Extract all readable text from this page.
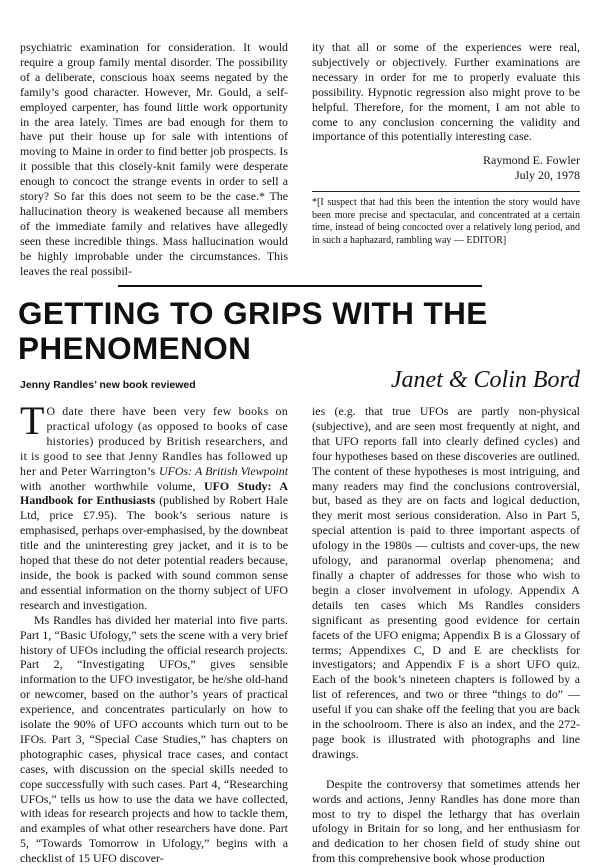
psychiatric examination for consideration. It would require a group family mental disorder. The possibility of a deliberate, conscious hoax seems negated by the family’s good character. However, Mr. Gould, a self-employed carpenter, has found little work opportunity in the area lately. Times are bad enough for them to have put their house up for sale with intentions of moving to Maine in order to find better job prospects. Is it possible that this closely-knit family were desperate enough to concoct the strange events in order to sell a story? So far this does not seem to be the case.* The hallucination theory is weakened because all members of the immediate family and relatives have allegedly seen these incredible things. Mass hallucination would be highly improbable under the circumstances. This leaves the real possibil-

ity that all or some of the experiences were real, subjectively or objectively. Further examinations are necessary in order for me to properly evaluate this possibility. Hypnotic regression also might prove to be helpful. Therefore, for the moment, I am not able to come to any conclusion concerning the validity and importance of this potentially interesting case.

Raymond E. Fowler
July 20, 1978
*[I suspect that had this been the intention the story would have been more precise and spectacular, and concentrated at a certain time, instead of being concocted over a relatively long period, and in such a haphazard, rambling way — EDITOR]
GETTING TO GRIPS WITH THE PHENOMENON
Jenny Randles’ new book reviewed	Janet & Colin Bord

T O date there have been very few books on practical ufology (as opposed to books of case histories) produced by British researchers, and it is good to see that Jenny Randles has followed up her and Peter Warrington’s UFOs: A British Viewpoint with another worthwhile volume, UFO Study: A Handbook for Enthusiasts (published by Robert Hale Ltd, price £7.95). The book’s serious nature is emphasised, perhaps over-emphasised, by the downbeat title and the uninteresting grey jacket, and it is to be hoped that these do not deter potential readers because, inside, the book is packed with sound common sense and essential information on the thorny subject of UFO research and investigation.

Ms Randles has divided her material into five parts. Part 1, “Basic Ufology,” sets the scene with a very brief history of UFOs including the official research projects. Part 2, “Investigating UFOs,” gives sensible information to the UFO investigator, be he/she old-hand or newcomer, based on the author’s years of practical experience, and concentrates particularly on how to isolate the 90% of UFO accounts which turn out to be IFOs. Part 3, “Special Case Studies,” has chapters on photographic cases, physical trace cases, and contact cases, with discussion on the special skills needed to cope successfully with such cases. Part 4, “Researching UFOs,” tells us how to use the data we have collected, with ideas for research projects and how to tackle them, and examples of what other researchers have done. Part 5, “Towards Tomorrow in Ufology,” begins with a checklist of 15 UFO discover-

ies (e.g. that true UFOs are partly non-physical (subjective), and are seen most frequently at night, and that UFO reports fall into clearly defined cycles) and four hypotheses based on these discoveries are outlined. The content of these hypotheses is most intriguing, and many readers may find the conclusions controversial, but, based as they are on facts and logical deduction, they merit most serious consideration. Also in Part 5, special attention is paid to three important aspects of ufology in the 1980s — cultists and cover-ups, the new ufology, and paranormal overlap phenomena; and finally a chapter of addresses for those who wish to begin a closer involvement in ufology. Appendix A details ten cases which Ms Randles considers significant as presenting good evidence for certain facets of the UFO enigma; Appendix B is a Glossary of terms; Appendixes C, D and E are checklists for investigators; and Appendix F is a short UFO quiz. Each of the book’s nineteen chapters is followed by a list of references, and two or three “things to do” — useful if you can shake off the feeling that you are back in the schoolroom. There is also an index, and the 272-page book is illustrated with photographs and line drawings.

Despite the controversy that sometimes attends her words and actions, Jenny Randles has done more than most to try to dispel the lethargy that has overlain ufology in Britain for so long, and her enthusiasm for and dedication to her chosen field of study shine out from this comprehensive book whose production
